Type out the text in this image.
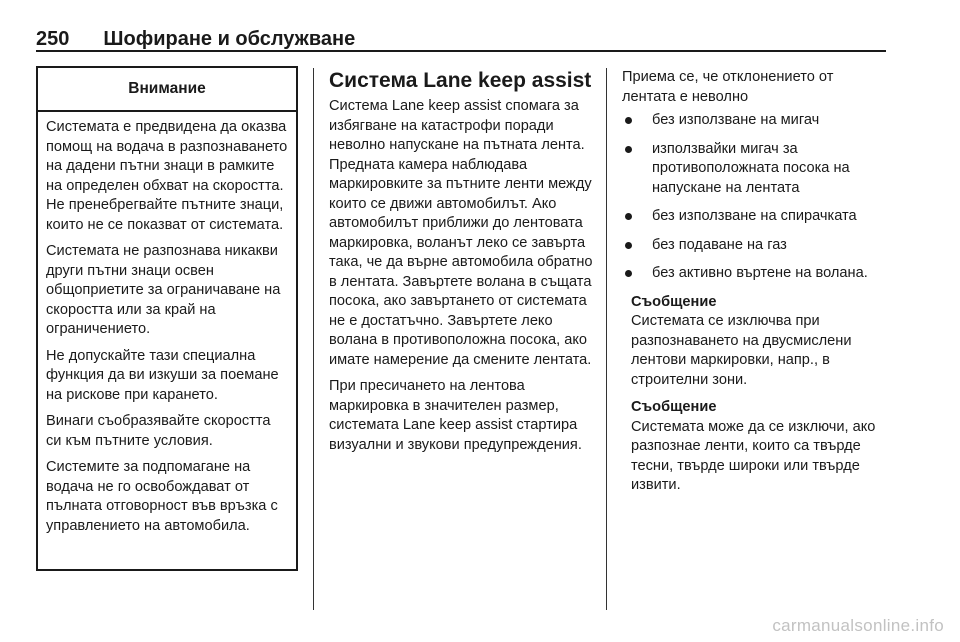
250 Шофиране и обслужване
Внимание

Системата е предвидена да оказва помощ на водача в разпознаването на дадени пътни знаци в рамките на определен обхват на скоростта. Не пренебрегвайте пътните знаци, които не се показват от системата.

Системата не разпознава никакви други пътни знаци освен общоприетите за ограничаване на скоростта или за край на ограничението.

Не допускайте тази специална функция да ви изкуши за поемане на рискове при карането.

Винаги съобразявайте скоростта си към пътните условия.

Системите за подпомагане на водача не го освобождават от пълната отговорност във връзка с управлението на автомобила.

Система Lane keep assist

Система Lane keep assist спомага за избягване на катастрофи поради неволно напускане на пътната лента. Предната камера наблюдава маркировките за пътните ленти между които се движи автомобилът. Ако автомобилът приближи до лентовата маркировка, воланът леко се завърта така, че да върне автомобила обратно в лентата. Завъртете волана в същата посока, ако завъртането от системата не е достатъчно. Завъртете леко волана в противоположна посока, ако имате намерение да смените лентата.

При пресичането на лентова маркировка в значителен размер, системата Lane keep assist стартира визуални и звукови предупреждения.

Приема се, че отклонението от лентата е неволно

без използване на мигач
използвайки мигач за противоположната посока на напускане на лентата
без използване на спирачката
без подаване на газ
без активно въртене на волана.
Съобщение

Системата се изключва при разпознаването на двусмислени лентови маркировки, напр., в строителни зони.

Съобщение

Системата може да се изключи, ако разпознае ленти, които са твърде тесни, твърде широки или твърде извити.

carmanualsonline.info
